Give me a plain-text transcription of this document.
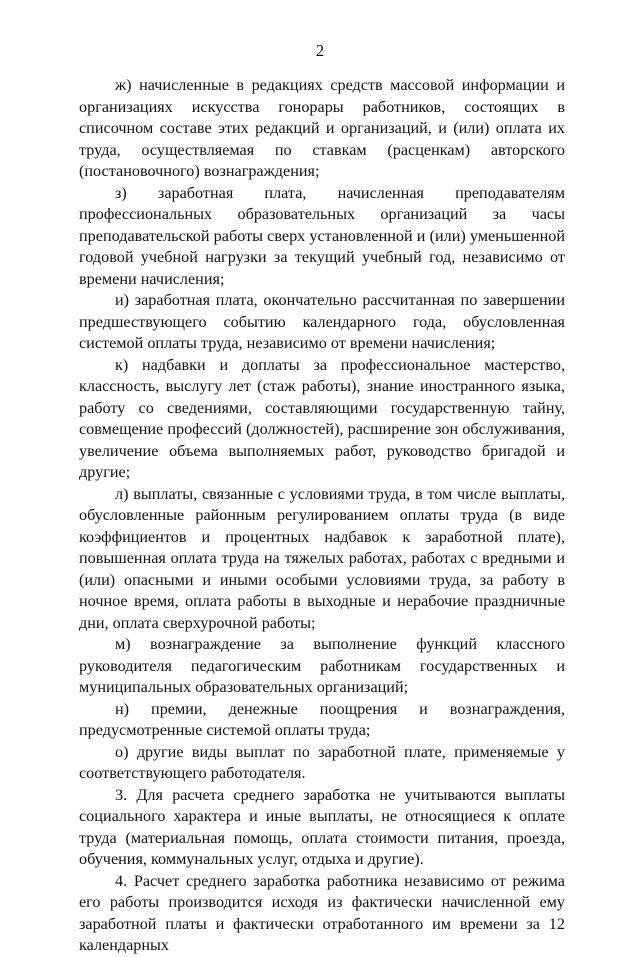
2

ж) начисленные в редакциях средств массовой информации и организациях искусства гонорары работников, состоящих в списочном составе этих редакций и организаций, и (или) оплата их труда, осуществляемая по ставкам (расценкам) авторского (постановочного) вознаграждения;

з) заработная плата, начисленная преподавателям профессиональных образовательных организаций за часы преподавательской работы сверх установленной и (или) уменьшенной годовой учебной нагрузки за текущий учебный год, независимо от времени начисления;

и) заработная плата, окончательно рассчитанная по завершении предшествующего событию календарного года, обусловленная системой оплаты труда, независимо от времени начисления;

к) надбавки и доплаты за профессиональное мастерство, классность, выслугу лет (стаж работы), знание иностранного языка, работу со сведениями, составляющими государственную тайну, совмещение профессий (должностей), расширение зон обслуживания, увеличение объема выполняемых работ, руководство бригадой и другие;

л) выплаты, связанные с условиями труда, в том числе выплаты, обусловленные районным регулированием оплаты труда (в виде коэффициентов и процентных надбавок к заработной плате), повышенная оплата труда на тяжелых работах, работах с вредными и (или) опасными и иными особыми условиями труда, за работу в ночное время, оплата работы в выходные и нерабочие праздничные дни, оплата сверхурочной работы;

м) вознаграждение за выполнение функций классного руководителя педагогическим работникам государственных и муниципальных образовательных организаций;

н) премии, денежные поощрения и вознаграждения, предусмотренные системой оплаты труда;

о) другие виды выплат по заработной плате, применяемые у соответствующего работодателя.

3. Для расчета среднего заработка не учитываются выплаты социального характера и иные выплаты, не относящиеся к оплате труда (материальная помощь, оплата стоимости питания, проезда, обучения, коммунальных услуг, отдыха и другие).

4. Расчет среднего заработка работника независимо от режима его работы производится исходя из фактически начисленной ему заработной платы и фактически отработанного им времени за 12 календарных
